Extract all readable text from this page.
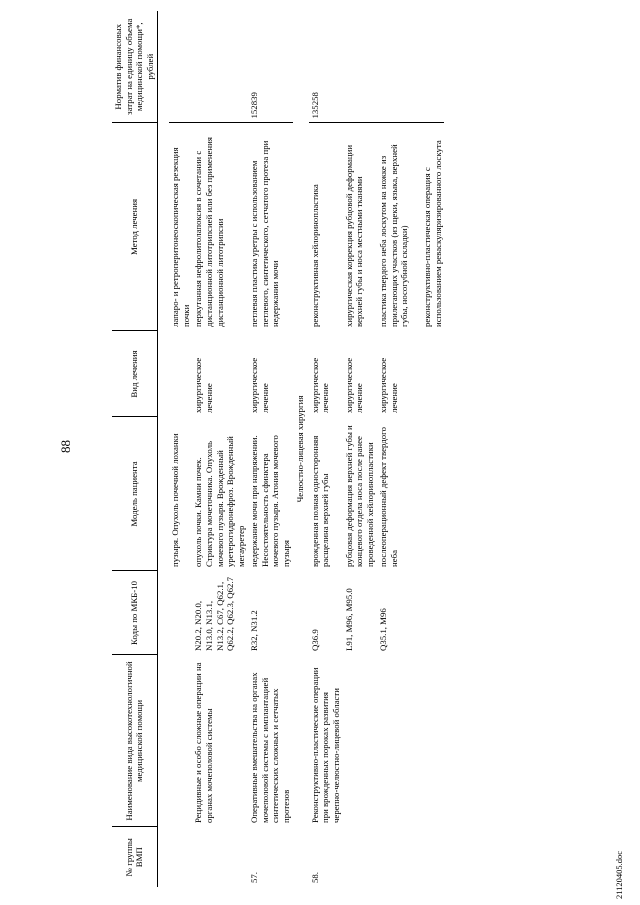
88
21120405.doc
№ группы ВМП	Наименование вида высокотехнологичной медицинской помощи	Коды по МКБ-10	Модель пациента	Вид лечения	Метод лечения	Норматив финансовых затрат на единицу объема медицинской помощи*, рублей

			пузыря. Опухоль почечной лоханки		лапаро- и ретроперитонеоскопическая резекция почки	
	Рецидивные и особо сложные операции на органах мочеполовой системы	N20.2, N20.0, N13.0, N13.1, N13.2, C67, Q62.1, Q62.2, Q62.3, Q62.7	опухоль почки. Камни почек. Стриктура мочеточника. Опухоль мочевого пузыря. Врожденный уретерогидронефроз. Врожденный мегауретер	хирургическое лечение	перкутанная нефролитолапоксия в сочетании с дистанционной литотрипсией или без применения дистанционной литотрипсии	
57.	Оперативные вмешательства на органах мочеполовой системы с имплантацией синтетических сложных и сетчатых протезов	R32, N31.2	недержание мочи при напряжении. Несостоятельность сфинктера мочевого пузыря. Атония мочевого пузыря	хирургическое лечение	петлевая пластика уретры с использованием петлевого, синтетического, сетчатого протеза при недержании мочи	152839
Челюстно-лицевая хирургия						
58.	Реконструктивно-пластические операции при врожденных пороках развития черепно-челюстно-лицевой области	Q36.9	врожденная полная односторонняя расщелина верхней губы	хирургическое лечение	реконструктивная хейлоринопластика	135258
		L91, M96, M95.0	рубцовая деформация верхней губы и концевого отдела носа после ранее проведенной хейлоринопластики	хирургическое лечение	хирургическая коррекция рубцовой деформации верхней губы и носа местными тканями	
		Q35.1, M96	послеоперационный дефект твердого неба	хирургическое лечение	пластика твердого неба лоскутом на ножке из прилегающих участков (из щеки, языка, верхней губы, носогубной складки) реконструктивно-пластическая операция с использованием реваскуляризированного лоскута	
